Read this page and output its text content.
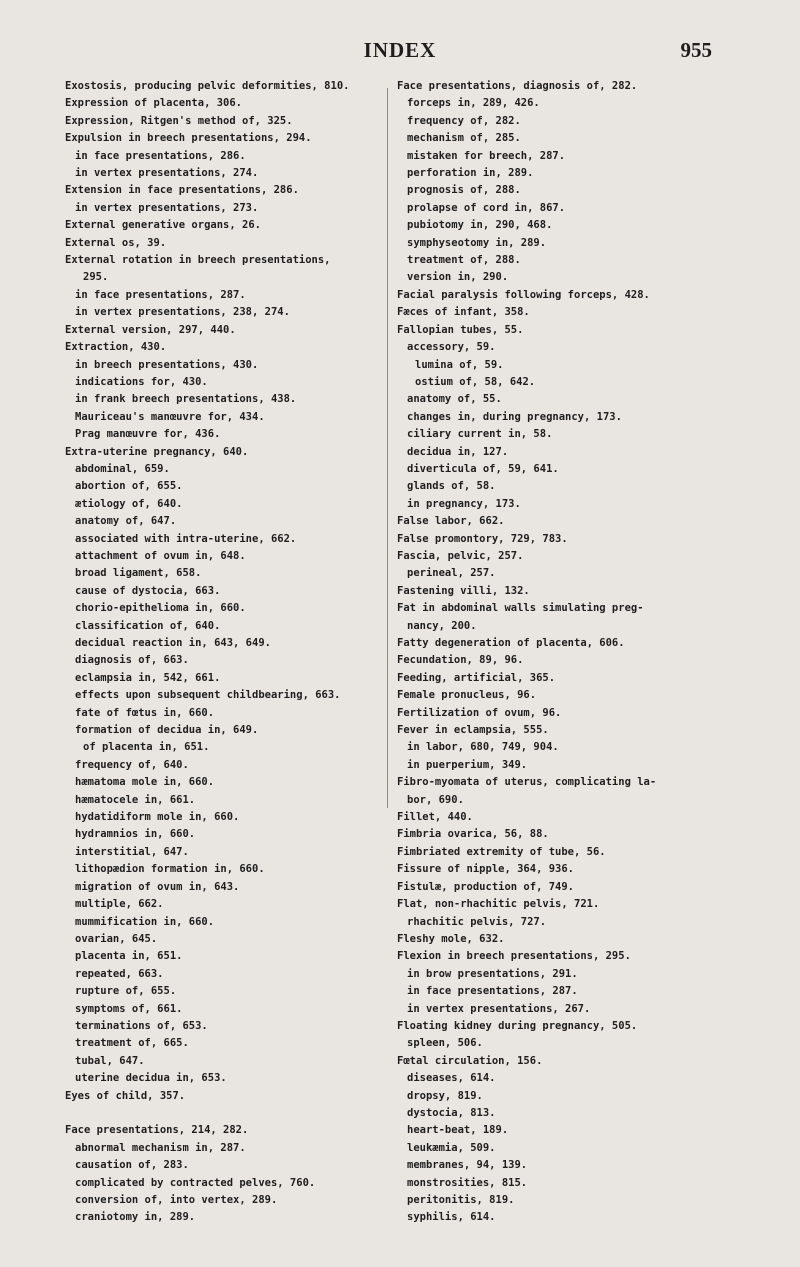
INDEX	955
Exostosis, producing pelvic deformities, 810.
Expression of placenta, 306.
Expression, Ritgen's method of, 325.
Expulsion in breech presentations, 294.
in face presentations, 286.
in vertex presentations, 274.
Extension in face presentations, 286.
in vertex presentations, 273.
External generative organs, 26.
External os, 39.
External rotation in breech presentations,
295.
in face presentations, 287.
in vertex presentations, 238, 274.
External version, 297, 440.
Extraction, 430.
in breech presentations, 430.
indications for, 430.
in frank breech presentations, 438.
Mauriceau's manœuvre for, 434.
Prag manœuvre for, 436.
Extra-uterine pregnancy, 640.
abdominal, 659.
abortion of, 655.
ætiology of, 640.
anatomy of, 647.
associated with intra-uterine, 662.
attachment of ovum in, 648.
broad ligament, 658.
cause of dystocia, 663.
chorio-epithelioma in, 660.
classification of, 640.
decidual reaction in, 643, 649.
diagnosis of, 663.
eclampsia in, 542, 661.
effects upon subsequent childbearing, 663.
fate of fœtus in, 660.
formation of decidua in, 649.
of placenta in, 651.
frequency of, 640.
hæmatoma mole in, 660.
hæmatocele in, 661.
hydatidiform mole in, 660.
hydramnios in, 660.
interstitial, 647.
lithopædion formation in, 660.
migration of ovum in, 643.
multiple, 662.
mummification in, 660.
ovarian, 645.
placenta in, 651.
repeated, 663.
rupture of, 655.
symptoms of, 661.
terminations of, 653.
treatment of, 665.
tubal, 647.
uterine decidua in, 653.
Eyes of child, 357.
Face presentations, 214, 282.
abnormal mechanism in, 287.
causation of, 283.
complicated by contracted pelves, 760.
conversion of, into vertex, 289.
craniotomy in, 289.
Face presentations, diagnosis of, 282.
forceps in, 289, 426.
frequency of, 282.
mechanism of, 285.
mistaken for breech, 287.
perforation in, 289.
prognosis of, 288.
prolapse of cord in, 867.
pubiotomy in, 290, 468.
symphyseotomy in, 289.
treatment of, 288.
version in, 290.
Facial paralysis following forceps, 428.
Fæces of infant, 358.
Fallopian tubes, 55.
accessory, 59.
lumina of, 59.
ostium of, 58, 642.
anatomy of, 55.
changes in, during pregnancy, 173.
ciliary current in, 58.
decidua in, 127.
diverticula of, 59, 641.
glands of, 58.
in pregnancy, 173.
False labor, 662.
False promontory, 729, 783.
Fascia, pelvic, 257.
perineal, 257.
Fastening villi, 132.
Fat in abdominal walls simulating preg-
nancy, 200.
Fatty degeneration of placenta, 606.
Fecundation, 89, 96.
Feeding, artificial, 365.
Female pronucleus, 96.
Fertilization of ovum, 96.
Fever in eclampsia, 555.
in labor, 680, 749, 904.
in puerperium, 349.
Fibro-myomata of uterus, complicating la-
bor, 690.
Fillet, 440.
Fimbria ovarica, 56, 88.
Fimbriated extremity of tube, 56.
Fissure of nipple, 364, 936.
Fistulæ, production of, 749.
Flat, non-rhachitic pelvis, 721.
rhachitic pelvis, 727.
Fleshy mole, 632.
Flexion in breech presentations, 295.
in brow presentations, 291.
in face presentations, 287.
in vertex presentations, 267.
Floating kidney during pregnancy, 505.
spleen, 506.
Fœtal circulation, 156.
diseases, 614.
dropsy, 819.
dystocia, 813.
heart-beat, 189.
leukæmia, 509.
membranes, 94, 139.
monstrosities, 815.
peritonitis, 819.
syphilis, 614.
